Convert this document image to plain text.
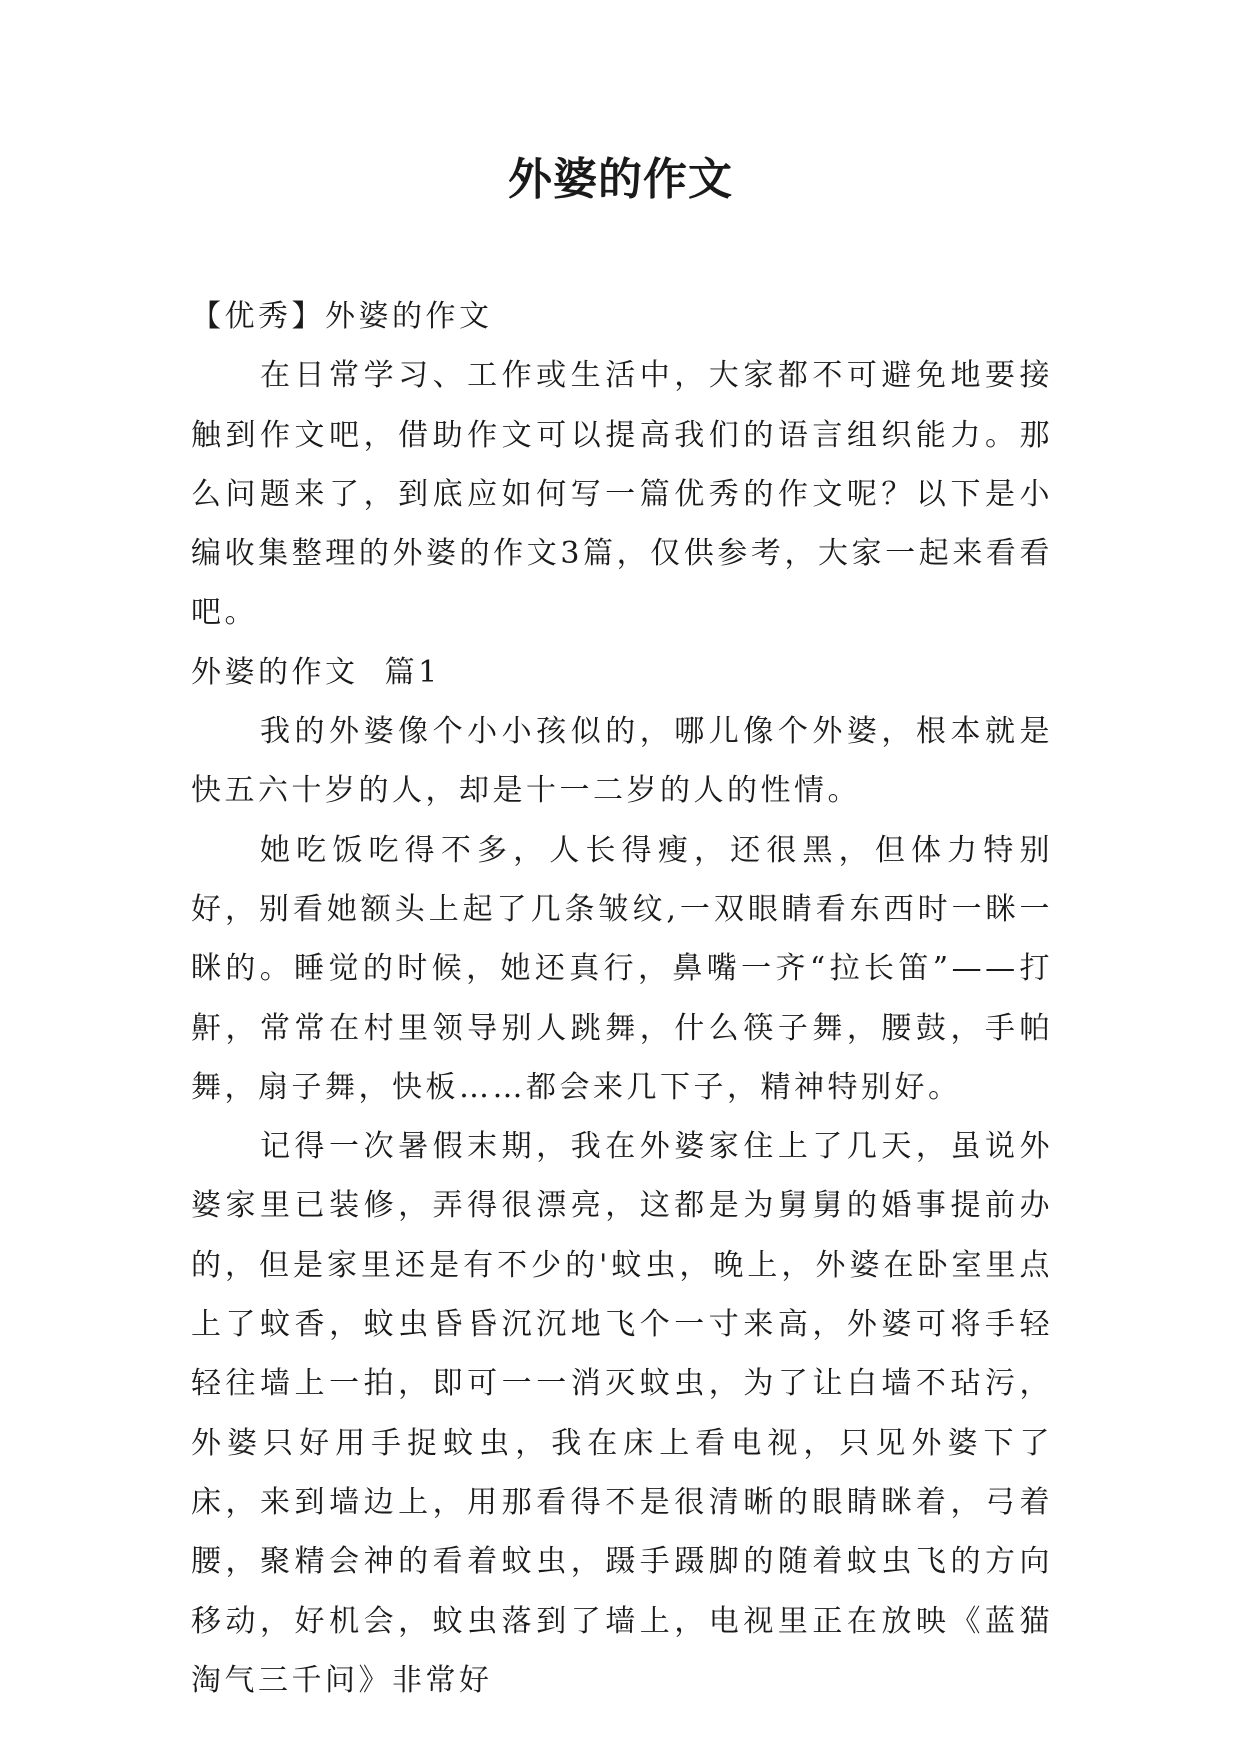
外婆的作文

【优秀】外婆的作文

在日常学习、工作或生活中，大家都不可避免地要接触到作文吧，借助作文可以提高我们的语言组织能力。那么问题来了，到底应如何写一篇优秀的作文呢？以下是小编收集整理的外婆的作文3篇，仅供参考，大家一起来看看吧。

外婆的作文  篇1

我的外婆像个小小孩似的，哪儿像个外婆，根本就是快五六十岁的人，却是十一二岁的人的性情。

她吃饭吃得不多，人长得瘦，还很黑，但体力特别好，别看她额头上起了几条皱纹,一双眼睛看东西时一眯一眯的。睡觉的时候，她还真行，鼻嘴一齐“拉长笛”——打鼾，常常在村里领导别人跳舞，什么筷子舞，腰鼓，手帕舞，扇子舞，快板……都会来几下子，精神特别好。

记得一次暑假末期，我在外婆家住上了几天，虽说外婆家里已装修，弄得很漂亮，这都是为舅舅的婚事提前办的，但是家里还是有不少的'蚊虫，晚上，外婆在卧室里点上了蚊香，蚊虫昏昏沉沉地飞个一寸来高，外婆可将手轻轻往墙上一拍，即可一一消灭蚊虫，为了让白墙不玷污，外婆只好用手捉蚊虫，我在床上看电视，只见外婆下了床，来到墙边上，用那看得不是很清晰的眼睛眯着，弓着腰，聚精会神的看着蚊虫，蹑手蹑脚的随着蚊虫飞的方向移动，好机会，蚊虫落到了墙上，电视里正在放映《蓝猫淘气三千问》非常好
